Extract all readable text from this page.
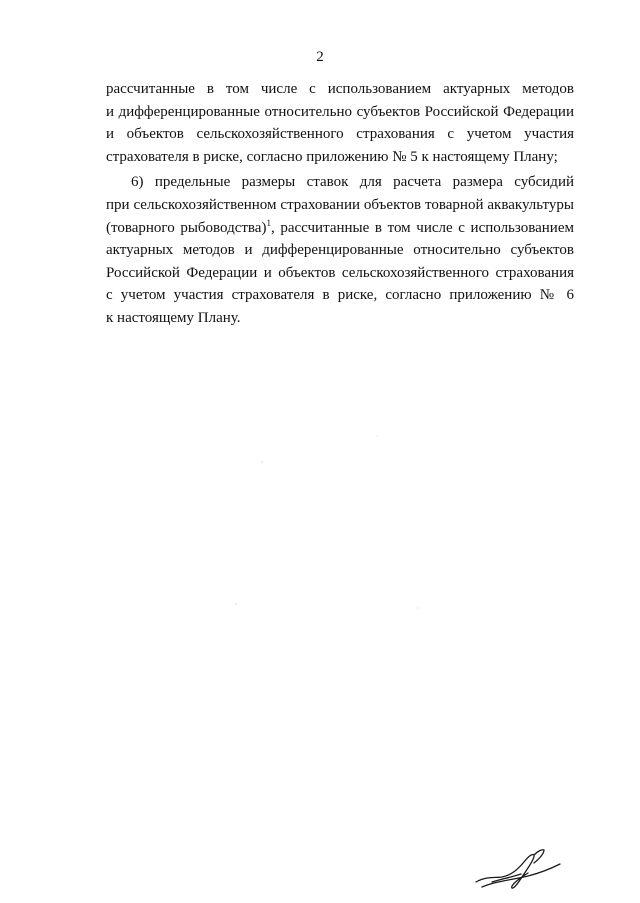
2
рассчитанные в том числе с использованием актуарных методов
и дифференцированные относительно субъектов Российской Федерации
и объектов сельскохозяйственного страхования с учетом участия
страхователя в риске, согласно приложению № 5 к настоящему Плану;
6) предельные размеры ставок для расчета размера субсидий
при сельскохозяйственном страховании объектов товарной аквакультуры
(товарного рыбоводства)$^1$, рассчитанные в том числе с использованием
актуарных методов и дифференцированные относительно субъектов
Российской Федерации и объектов сельскохозяйственного страхования
с учетом участия страхователя в риске, согласно приложению № 6
к настоящему Плану.
